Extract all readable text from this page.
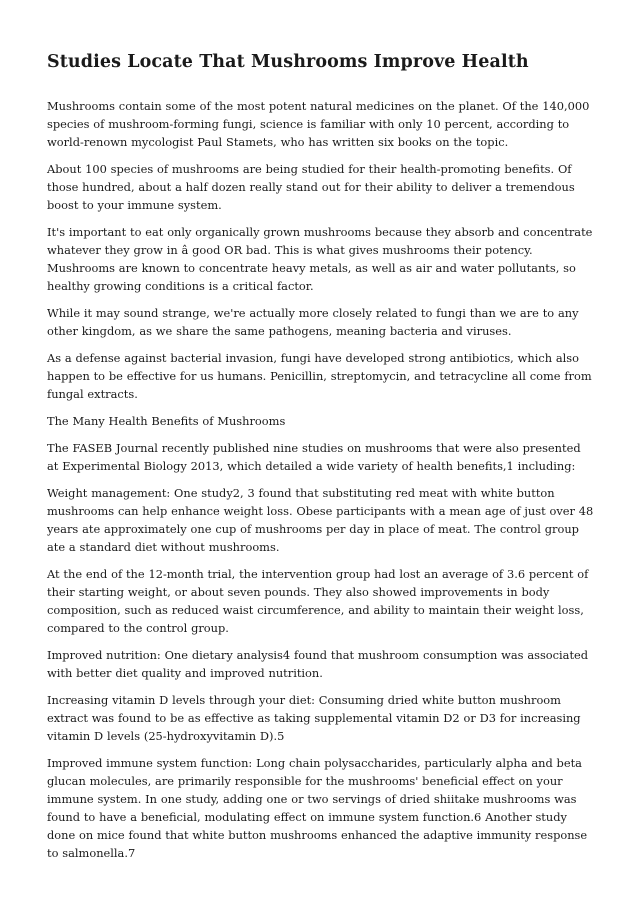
Studies Locate That Mushrooms Improve Health

Mushrooms contain some of the most potent natural medicines on the planet. Of the 140,000 species of mushroom-forming fungi, science is familiar with only 10 percent, according to world-renown mycologist Paul Stamets, who has written six books on the topic.

About 100 species of mushrooms are being studied for their health-promoting benefits. Of those hundred, about a half dozen really stand out for their ability to deliver a tremendous boost to your immune system.

It's important to eat only organically grown mushrooms because they absorb and concentrate whatever they grow in â good OR bad. This is what gives mushrooms their potency. Mushrooms are known to concentrate heavy metals, as well as air and water pollutants, so healthy growing conditions is a critical factor.

While it may sound strange, we're actually more closely related to fungi than we are to any other kingdom, as we share the same pathogens, meaning bacteria and viruses.

As a defense against bacterial invasion, fungi have developed strong antibiotics, which also happen to be effective for us humans. Penicillin, streptomycin, and tetracycline all come from fungal extracts.

The Many Health Benefits of Mushrooms

The FASEB Journal recently published nine studies on mushrooms that were also presented at Experimental Biology 2013, which detailed a wide variety of health benefits,1 including:

Weight management: One study2, 3 found that substituting red meat with white button mushrooms can help enhance weight loss. Obese participants with a mean age of just over 48 years ate approximately one cup of mushrooms per day in place of meat. The control group ate a standard diet without mushrooms.

At the end of the 12-month trial, the intervention group had lost an average of 3.6 percent of their starting weight, or about seven pounds. They also showed improvements in body composition, such as reduced waist circumference, and ability to maintain their weight loss, compared to the control group.

Improved nutrition: One dietary analysis4 found that mushroom consumption was associated with better diet quality and improved nutrition.

Increasing vitamin D levels through your diet: Consuming dried white button mushroom extract was found to be as effective as taking supplemental vitamin D2 or D3 for increasing vitamin D levels (25-hydroxyvitamin D).5

Improved immune system function: Long chain polysaccharides, particularly alpha and beta glucan molecules, are primarily responsible for the mushrooms' beneficial effect on your immune system. In one study, adding one or two servings of dried shiitake mushrooms was found to have a beneficial, modulating effect on immune system function.6 Another study done on mice found that white button mushrooms enhanced the adaptive immunity response to salmonella.7
